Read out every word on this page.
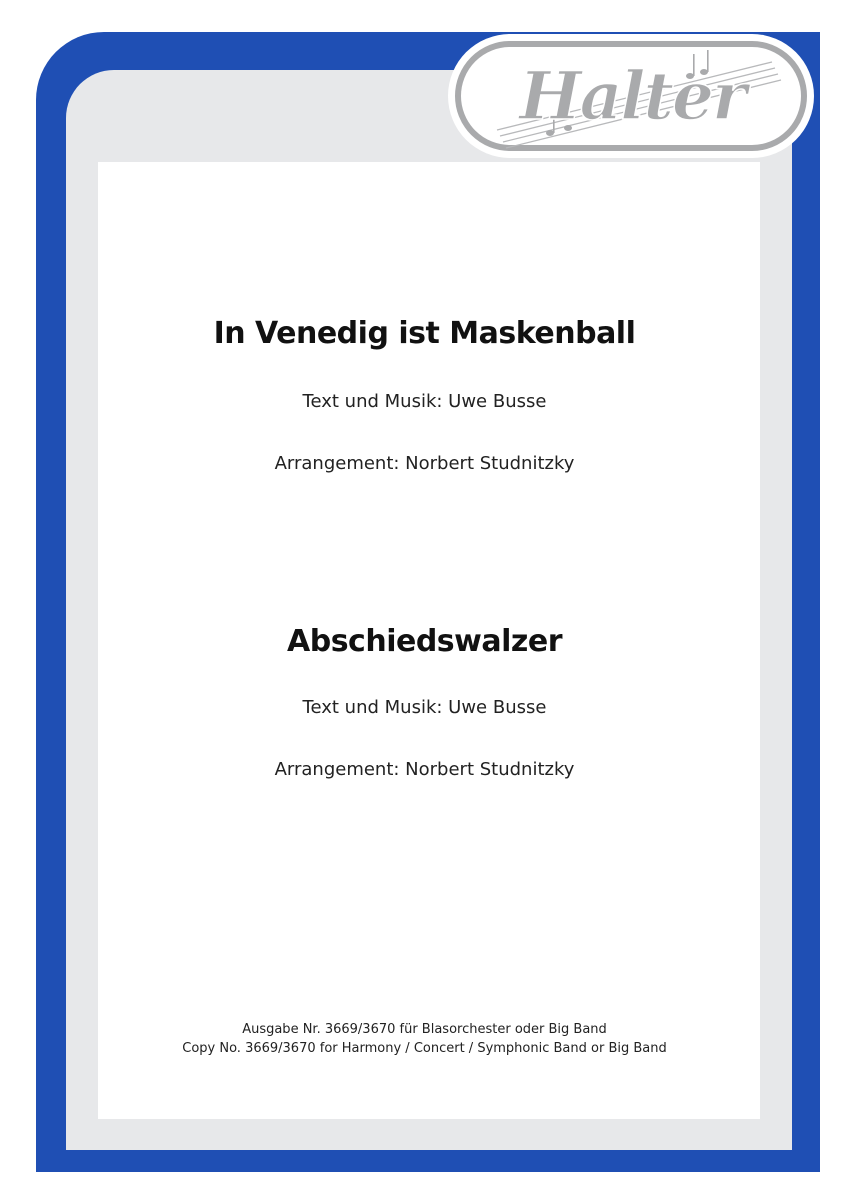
Halter
In Venedig ist Maskenball
Text und Musik: Uwe Busse
Arrangement: Norbert Studnitzky
Abschiedswalzer
Text und Musik: Uwe Busse
Arrangement: Norbert Studnitzky
Ausgabe Nr. 3669/3670 für Blasorchester oder Big Band
Copy No. 3669/3670 for Harmony / Concert / Symphonic Band or Big Band
